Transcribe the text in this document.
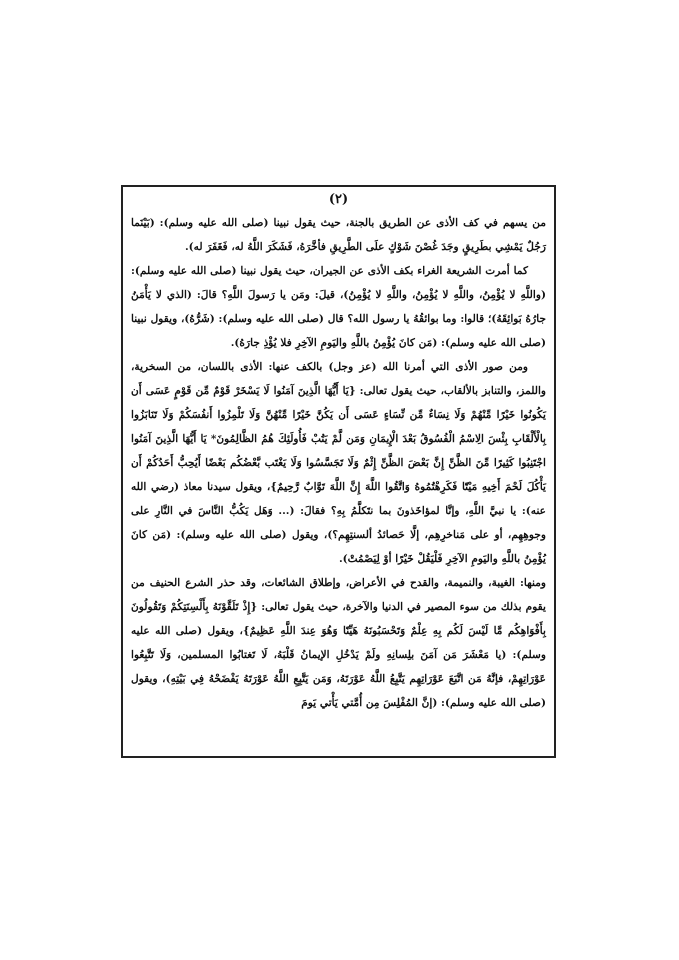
(٢)
من يسهم في كف الأذى عن الطريق بالجنة، حيث يقول نبينا (صلى الله عليه وسلم): (بَيْنَما رَجُلٌ يَمْشِي بطَرِيقٍ وجَدَ غُصْنَ شَوْكٍ علَى الطَّرِيقِ فأخَّرَهُ، فَشَكَرَ اللَّهُ له، فَغَفَرَ له).
كما أمرت الشريعة الغراء بكف الأذى عن الجيران، حيث يقول نبينا (صلى الله عليه وسلم): (واللَّهِ لا يُؤْمِنُ، واللَّهِ لا يُؤْمِنُ، واللَّهِ لا يُؤْمِنُ)، قيلَ: ومَن يا رَسولَ اللَّهِ؟ قالَ: (الذي لا يَأْمَنُ جارُهُ بَوائِقَهُ)؛ قالوا: وما بوائقُهُ يا رسول الله؟ قال (صلى الله عليه وسلم): (شَرُّهُ)، ويقول نبينا (صلى الله عليه وسلم): (مَن كانَ يُؤْمِنُ باللَّهِ واليَومِ الآخِرِ فلا يُؤْذِ جارَهُ).
ومن صور الأذى التي أمرنا الله (عز وجل) بالكف عنها: الأذى باللسان، من السخرية، واللمز، والتنابز بالألقاب، حيث يقول تعالى: {يَا أَيُّهَا الَّذِينَ آمَنُوا لَا يَسْخَرْ قَوْمٌ مِّن قَوْمٍ عَسَى أَن يَكُونُوا خَيْرًا مِّنْهُمْ وَلَا نِسَاءٌ مِّن نِّسَاءٍ عَسَى أَن يَكُنَّ خَيْرًا مِّنْهُنَّ وَلَا تَلْمِزُوا أَنفُسَكُمْ وَلَا تَنَابَزُوا بِالْأَلْقَابِ بِئْسَ الِاسْمُ الْفُسُوقُ بَعْدَ الْإِيمَانِ وَمَن لَّمْ يَتُبْ فَأُولَئِكَ هُمُ الظَّالِمُونَ* يَا أَيُّهَا الَّذِينَ آمَنُوا اجْتَنِبُوا كَثِيرًا مِّنَ الظَّنِّ إِنَّ بَعْضَ الظَّنِّ إِثْمٌ وَلَا تَجَسَّسُوا وَلَا يَغْتَب بَّعْضُكُم بَعْضًا أَيُحِبُّ أَحَدُكُمْ أَن يَأْكُلَ لَحْمَ أَخِيهِ مَيْتًا فَكَرِهْتُمُوهُ وَاتَّقُوا اللَّهَ إِنَّ اللَّهَ تَوَّابٌ رَّحِيمٌ}، ويقول سيدنا معاذ (رضي الله عنه): يا نبيَّ اللَّهِ، وإنَّا لمؤاخَذونَ بما نتَكلَّمُ بِهِ؟ فقالَ: (... وَهَل يَكُبُّ النَّاسَ في النَّارِ على وجوهِهِم، أو على مَناخرِهِم، إلَّا حَصائدُ ألسنتِهِم؟)، ويقول (صلى الله عليه وسلم): (مَن كانَ يُؤْمِنُ باللَّهِ واليَومِ الآخِرِ فَلْيَقُلْ خَيْرًا أوْ لِيَصْمُتْ).
ومنها: الغيبة، والنميمة، والقدح في الأعراض، وإطلاق الشائعات، وقد حذر الشرع الحنيف من يقوم بذلك من سوء المصير في الدنيا والآخرة، حيث يقول تعالى: {إِذْ تَلَقَّوْنَهُ بِأَلْسِنَتِكُمْ وَتَقُولُونَ بِأَفْوَاهِكُم مَّا لَيْسَ لَكُم بِهِ عِلْمٌ وَتَحْسَبُونَهُ هَيِّنًا وَهُوَ عِندَ اللَّهِ عَظِيمٌ}، ويقول (صلى الله عليه وسلم): (يا مَعْشَرَ مَن آمَنَ بلِسانِهِ ولَمْ يَدْخُلِ الإيمانُ قَلْبَهُ، لَا تَغتابُوا المسلمين، وَلَا تَتَّبِعُوا عَوْرَاتِهِمْ، فإنَّهُ مَن اتَّبَعَ عَوْرَاتِهِم يَتَّبِعُ اللَّهُ عَوْرَتَهُ، وَمَن يَتَّبِعِ اللَّهُ عَوْرَتَهُ يَفْضَحْهُ فِي بَيْتِهِ)، ويقول (صلى الله عليه وسلم): (إنَّ المُفْلِسَ مِن أُمَّتي يَأْتي يَومَ
